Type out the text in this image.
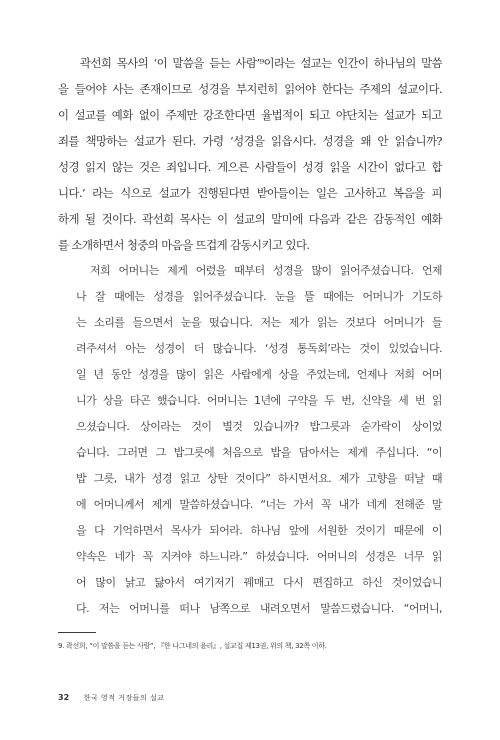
곽선희 목사의 ‘이 말씀을 듣는 사람’⁹이라는 설교는 인간이 하나님의 말씀
을 들어야 사는 존재이므로 성경을 부지런히 읽어야 한다는 주제의 설교이다.
이 설교를 예화 없이 주제만 강조한다면 율법적이 되고 야단치는 설교가 되고
죄를 책망하는 설교가 된다. 가령 ‘성경을 읽읍시다. 성경을 왜 안 읽습니까?
성경 읽지 않는 것은 죄입니다. 게으른 사람들이 성경 읽을 시간이 없다고 합
니다.’ 라는 식으로 설교가 진행된다면 받아들이는 일은 고사하고 복음을 피
하게 될 것이다. 곽선희 목사는 이 설교의 말미에 다음과 같은 감동적인 예화
를 소개하면서 청중의 마음을 뜨겁게 감동시키고 있다.
저희 어머니는 제게 어렸을 때부터 성경을 많이 읽어주셨습니다. 언제
나 잘 때에는 성경을 읽어주셨습니다. 눈을 뜰 때에는 어머니가 기도하
는 소리를 들으면서 눈을 떴습니다. 저는 제가 읽는 것보다 어머니가 들
려주셔서 아는 성경이 더 많습니다. ‘성경 통독회’라는 것이 있었습니다.
일 년 동안 성경을 많이 읽은 사람에게 상을 주었는데, 언제나 저희 어머
니가 상을 타곤 했습니다. 어머니는 1년에 구약을 두 번, 신약을 세 번 읽
으셨습니다. 상이라는 것이 별것 있습니까? 밥그릇과 숟가락이 상이었
습니다. 그러면 그 밥그릇에 처음으로 밥을 담아서는 제게 주십니다. “이
밥 그릇, 내가 성경 읽고 상탄 것이다” 하시면서요. 제가 고향을 떠날 때
에 어머니께서 제게 말씀하셨습니다. “너는 가서 꼭 내가 네게 전해준 말
을 다 기억하면서 목사가 되어라. 하나님 앞에 서원한 것이기 때문에 이
약속은 네가 꼭 지켜야 하느니라.” 하셨습니다. 어머니의 성경은 너무 읽
어 많이 낡고 닳아서 여기저기 꿰매고 다시 편집하고 하신 것이었습니
다. 저는 어머니를 떠나 남쪽으로 내려오면서 말씀드렸습니다. “어머니,
9. 곽선희, “이 말씀을 듣는 사람”, 『한 나그네의 윤리』, 설교집 제13권, 위의 책, 32쪽 이하.
32 한국 영적 거장들의 설교
